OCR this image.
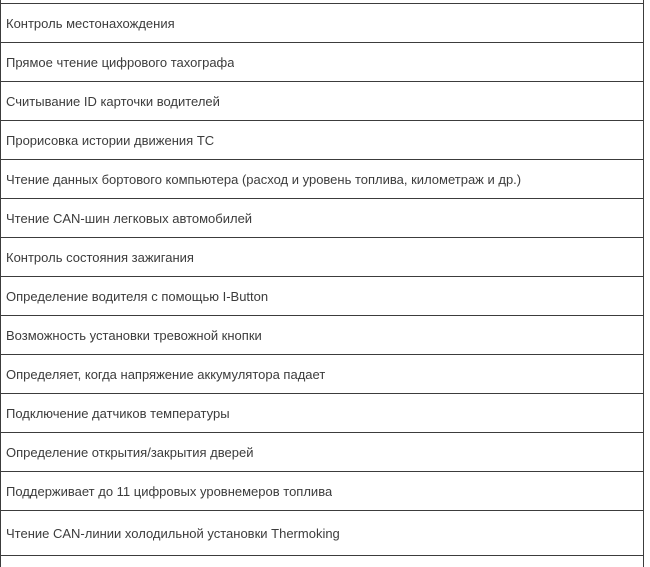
Контроль местонахождения
Прямое чтение цифрового тахографа
Считывание ID карточки водителей
Прорисовка истории движения ТС
Чтение данных бортового компьютера (расход и уровень топлива, километраж и др.)
Чтение CAN-шин легковых автомобилей
Контроль состояния зажигания
Определение водителя с помощью I-Button
Возможность установки тревожной кнопки
Определяет, когда напряжение аккумулятора падает
Подключение датчиков температуры
Определение открытия/закрытия дверей
Поддерживает до 11 цифровых уровнемеров топлива
Чтение CAN-линии холодильной установки Thermoking
